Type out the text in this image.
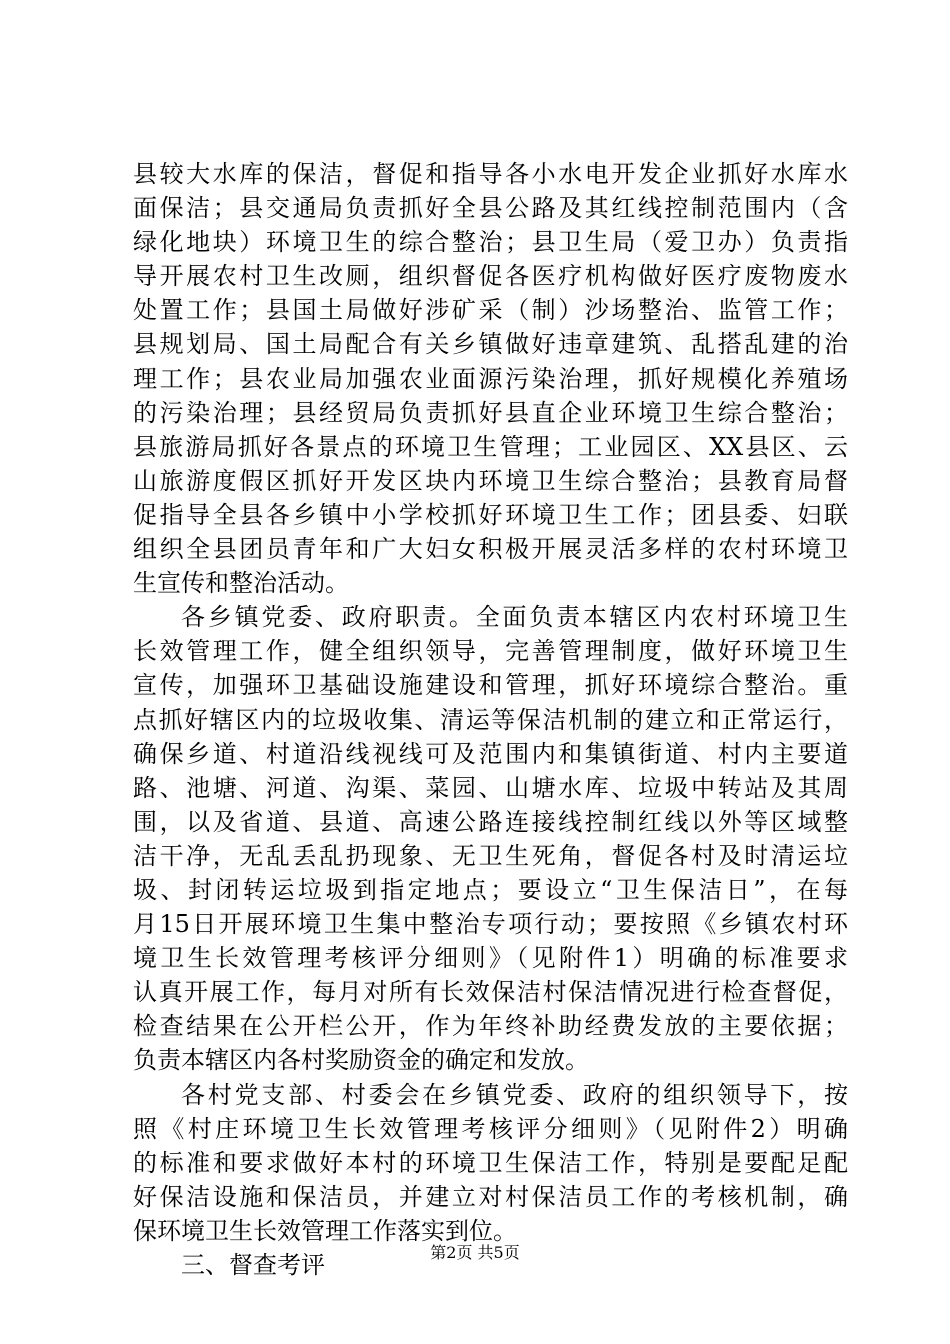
县较大水库的保洁，督促和指导各小水电开发企业抓好水库水
面保洁；县交通局负责抓好全县公路及其红线控制范围内（含
绿化地块）环境卫生的综合整治；县卫生局（爱卫办）负责指
导开展农村卫生改厕，组织督促各医疗机构做好医疗废物废水
处置工作；县国土局做好涉矿采（制）沙场整治、监管工作；
县规划局、国土局配合有关乡镇做好违章建筑、乱搭乱建的治
理工作；县农业局加强农业面源污染治理，抓好规模化养殖场
的污染治理；县经贸局负责抓好县直企业环境卫生综合整治；
县旅游局抓好各景点的环境卫生管理；工业园区、XX县区、云
山旅游度假区抓好开发区块内环境卫生综合整治；县教育局督
促指导全县各乡镇中小学校抓好环境卫生工作；团县委、妇联
组织全县团员青年和广大妇女积极开展灵活多样的农村环境卫
生宣传和整治活动。
各乡镇党委、政府职责。全面负责本辖区内农村环境卫生
长效管理工作，健全组织领导，完善管理制度，做好环境卫生
宣传，加强环卫基础设施建设和管理，抓好环境综合整治。重
点抓好辖区内的垃圾收集、清运等保洁机制的建立和正常运行，
确保乡道、村道沿线视线可及范围内和集镇街道、村内主要道
路、池塘、河道、沟渠、菜园、山塘水库、垃圾中转站及其周
围，以及省道、县道、高速公路连接线控制红线以外等区域整
洁干净，无乱丢乱扔现象、无卫生死角，督促各村及时清运垃
圾、封闭转运垃圾到指定地点；要设立“卫生保洁日”，在每
月15日开展环境卫生集中整治专项行动；要按照《乡镇农村环
境卫生长效管理考核评分细则》（见附件1）明确的标准要求
认真开展工作，每月对所有长效保洁村保洁情况进行检查督促，
检查结果在公开栏公开，作为年终补助经费发放的主要依据；
负责本辖区内各村奖励资金的确定和发放。
各村党支部、村委会在乡镇党委、政府的组织领导下，按
照《村庄环境卫生长效管理考核评分细则》（见附件2）明确
的标准和要求做好本村的环境卫生保洁工作，特别是要配足配
好保洁设施和保洁员，并建立对村保洁员工作的考核机制，确
保环境卫生长效管理工作落实到位。
三、督查考评	第2页 共5页
